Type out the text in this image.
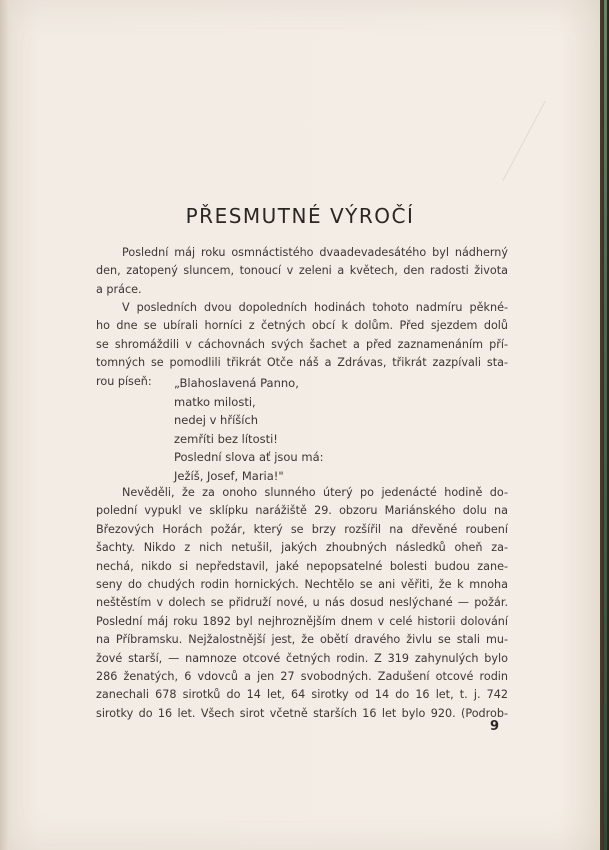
PŘESMUTNÉ VÝROČÍ
Poslední máj roku osmnáctistého dvaadevadesátého byl nádherný
den, zatopený sluncem, tonoucí v zeleni a květech, den radosti života
a práce.
V posledních dvou dopoledních hodinách tohoto nadmíru pěkné-
ho dne se ubírali horníci z četných obcí k dolům. Před sjezdem dolů
se shromáždili v cáchovnách svých šachet a před zaznamenáním pří-
tomných se pomodlili třikrát Otče náš a Zdrávas, třikrát zazpívali sta-
rou píseň:	„Blahoslavená Panno,
matko milosti,
nedej v hříších
zemříti bez lítosti!
Poslední slova ať jsou má:
Ježíš, Josef, Maria!"
Nevěděli, že za onoho slunného úterý po jedenácté hodině do-
polední vypukl ve sklípku narážiště 29. obzoru Mariánského dolu na
Březových Horách požár, který se brzy rozšířil na dřevěné roubení
šachty. Nikdo z nich netušil, jakých zhoubných následků oheň za-
nechá, nikdo si nepředstavil, jaké nepopsatelné bolesti budou zane-
seny do chudých rodin hornických. Nechtělo se ani věřiti, že k mnoha
neštěstím v dolech se přidruží nové, u nás dosud neslýchané — požár.
Poslední máj roku 1892 byl nejhroznějším dnem v celé historii dolování
na Příbramsku. Nejžalostnější jest, že obětí dravého živlu se stali mu-
žové starší, — namnoze otcové četných rodin. Z 319 zahynulých bylo
286 ženatých, 6 vdovců a jen 27 svobodných. Zadušení otcové rodin
zanechali 678 sirotků do 14 let, 64 sirotky od 14 do 16 let, t. j. 742
sirotky do 16 let. Všech sirot včetně starších 16 let bylo 920. (Podrob-
9
